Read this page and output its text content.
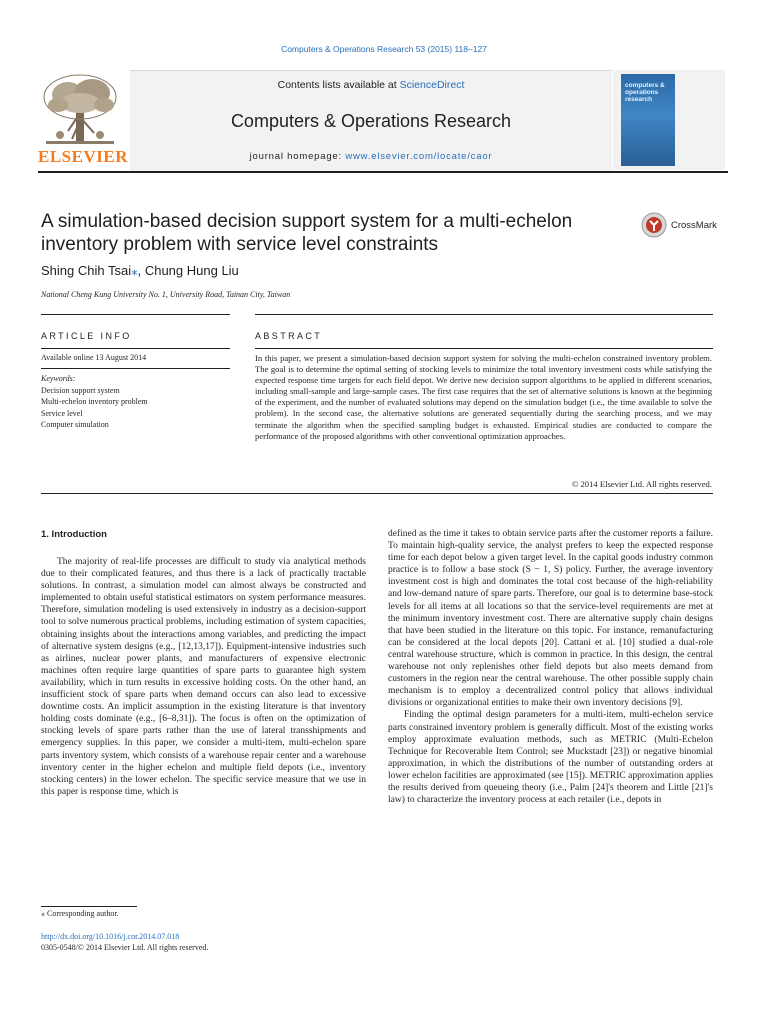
Computers & Operations Research 53 (2015) 118–127
ELSEVIER
Contents lists available at ScienceDirect
Computers & Operations Research
journal homepage: www.elsevier.com/locate/caor
computers & operations research
A simulation-based decision support system for a multi-echelon inventory problem with service level constraints
CrossMark
Shing Chih Tsai⁎, Chung Hung Liu
National Cheng Kung University No. 1, University Road, Tainan City, Taiwan
ARTICLE INFO	ABSTRACT
Available online 13 August 2014
Keywords:
Decision support system
Multi-echelon inventory problem
Service level
Computer simulation
In this paper, we present a simulation-based decision support system for solving the multi-echelon constrained inventory problem. The goal is to determine the optimal setting of stocking levels to minimize the total inventory investment costs while satisfying the expected response time targets for each field depot. We derive new decision support algorithms to be applied in different scenarios, including small-sample and large-sample cases. The first case requires that the set of alternative solutions is known at the beginning of the experiment, and the number of evaluated solutions may depend on the simulation budget (i.e., the time available to solve the problem). In the second case, the alternative solutions are generated sequentially during the searching process, and we may terminate the algorithm when the specified sampling budget is exhausted. Empirical studies are conducted to compare the performance of the proposed algorithms with other conventional optimization approaches.
© 2014 Elsevier Ltd. All rights reserved.
1. Introduction

The majority of real-life processes are difficult to study via analytical methods due to their complicated features, and thus there is a lack of practically tractable solutions. In contrast, a simulation model can almost always be constructed and implemented to obtain useful statistical estimators on system performance measures. Therefore, simulation modeling is used extensively in industry as a decision-support tool to solve numerous practical problems, including estimation of system capacities, obtaining insights about the interactions among variables, and predicting the impact of alternative system designs (e.g., [12,13,17]). Equipment-intensive industries such as airlines, nuclear power plants, and manufacturers of expensive electronic machines often require large quantities of spare parts to guarantee high system availability, which in turn results in excessive holding costs. On the other hand, an insufficient stock of spare parts when demand occurs can also lead to excessive downtime costs. An implicit assumption in the existing literature is that inventory holding costs dominate (e.g., [6–8,31]). The focus is often on the optimization of stocking levels of spare parts rather than the use of lateral transshipments and emergency supplies. In this paper, we consider a multi-item, multi-echelon spare parts inventory system, which consists of a warehouse repair center and a warehouse inventory center in the higher echelon and multiple field depots (i.e., inventory stocking centers) in the lower echelon. The specific service measure that we use in this paper is response time, which is

defined as the time it takes to obtain service parts after the customer reports a failure. To maintain high-quality service, the analyst prefers to keep the expected response time for each depot below a given target level. In the capital goods industry common practice is to follow a base stock (S − 1, S) policy. Further, the average inventory investment cost is high and dominates the total cost because of the high-reliability and low-demand nature of spare parts. Therefore, our goal is to determine base-stock levels for all items at all locations so that the service-level requirements are met at the minimum inventory investment cost. There are alternative supply chain designs that have been studied in the literature on this topic. For instance, remanufacturing can be considered at the local depots [20]. Cattani et al. [10] studied a dual-role central warehouse structure, which is common in practice. In this design, the central warehouse not only replenishes other field depots but also meets demand from customers in the region near the central warehouse. The other possible supply chain mechanism is to employ a decentralized control policy that allows individual divisions or organizational entities to make their own inventory decisions [9].

Finding the optimal design parameters for a multi-item, multi-echelon service parts constrained inventory problem is generally difficult. Most of the existing works employ approximate evaluation methods, such as METRIC (Multi-Echelon Technique for Recoverable Item Control; see Muckstadt [23]) or negative binomial approximation, in which the distributions of the number of outstanding orders at lower echelon facilities are approximated (see [15]). METRIC approximation applies the results derived from queueing theory (i.e., Palm [24]'s theorem and Little [21]'s law) to characterize the inventory process at each retailer (i.e., depots in

⁎ Corresponding author.
http://dx.doi.org/10.1016/j.cor.2014.07.018
0305-0548/© 2014 Elsevier Ltd. All rights reserved.
